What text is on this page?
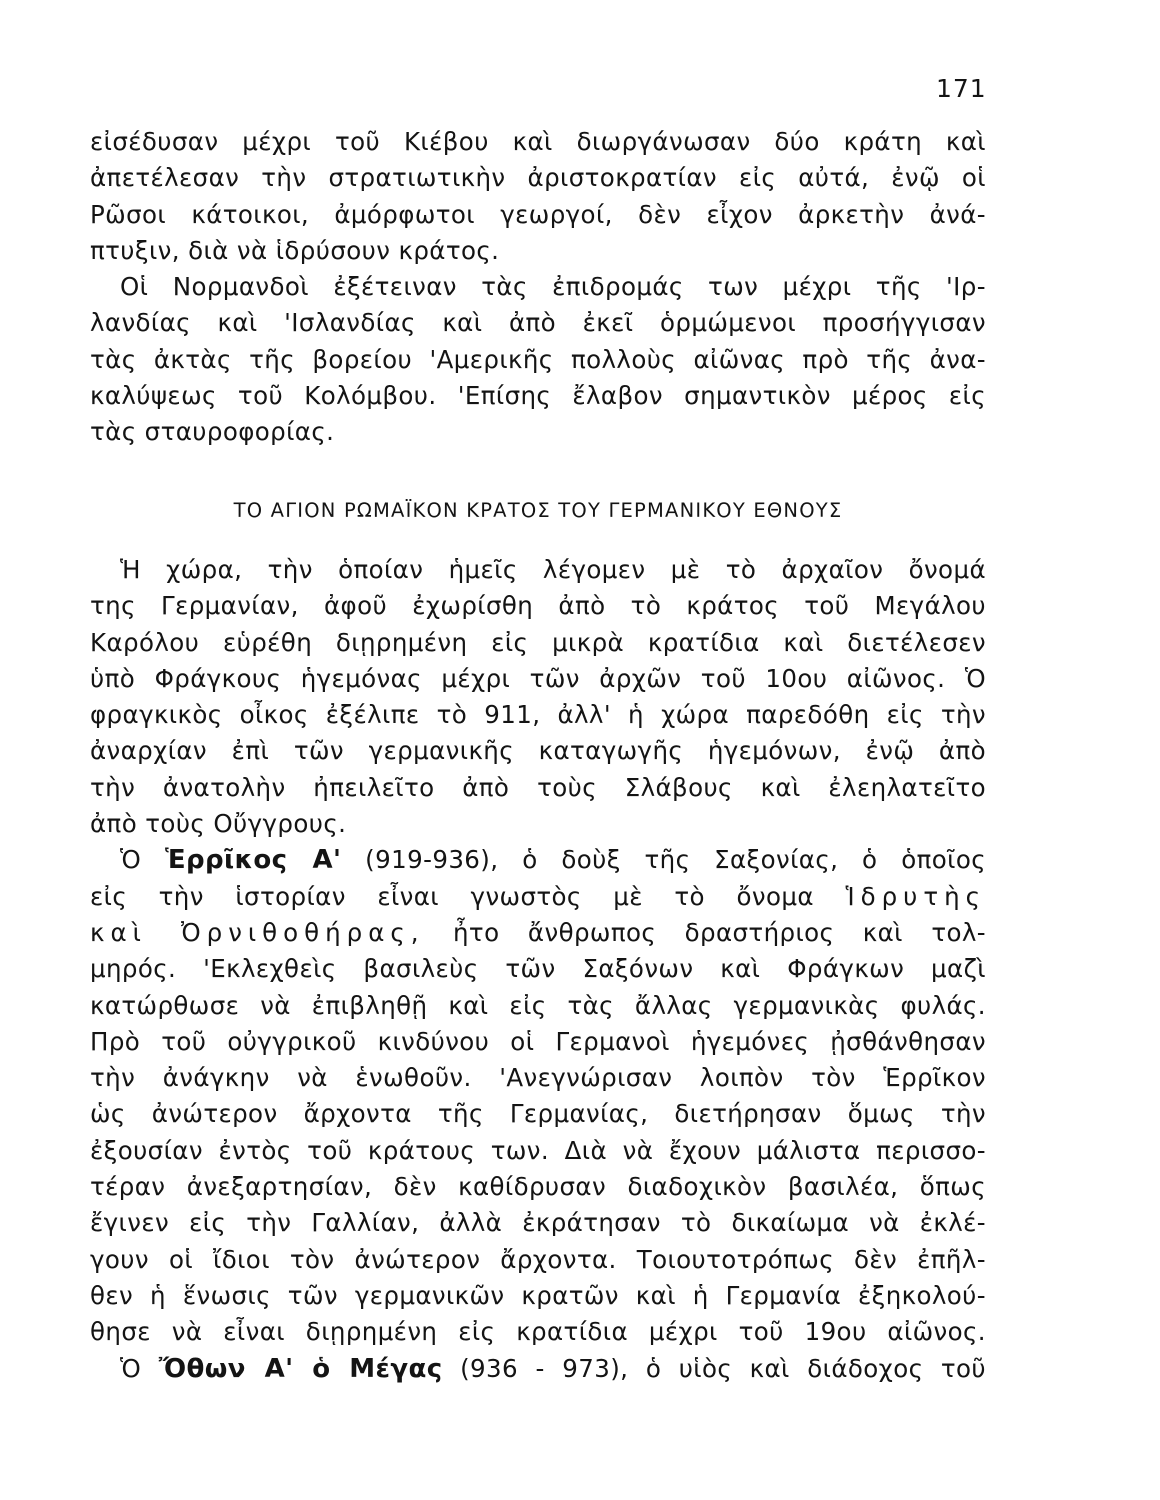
171
εἰσέδυσαν μέχρι τοῦ Κιέβου καὶ διωργάνωσαν δύο κράτη καὶ
ἀπετέλεσαν τὴν στρατιωτικὴν ἀριστοκρατίαν εἰς αὐτά, ἐνῷ οἱ
Ρῶσοι κάτοικοι, ἀμόρφωτοι γεωργοί, δὲν εἶχον ἀρκετὴν ἀνά-
πτυξιν, διὰ νὰ ἱδρύσουν κράτος.
Οἱ Νορμανδοὶ ἐξέτειναν τὰς ἐπιδρομάς των μέχρι τῆς 'Ιρ-
λανδίας καὶ 'Ισλανδίας καὶ ἀπὸ ἐκεῖ ὁρμώμενοι προσήγγισαν
τὰς ἀκτὰς τῆς βορείου 'Αμερικῆς πολλοὺς αἰῶνας πρὸ τῆς ἀνα-
καλύψεως τοῦ Κολόμβου. 'Επίσης ἔλαβον σημαντικὸν μέρος εἰς
τὰς σταυροφορίας.
ΤΟ ΑΓΙΟΝ ΡΩΜΑΪΚΟΝ ΚΡΑΤΟΣ ΤΟΥ ΓΕΡΜΑΝΙΚΟΥ ΕΘΝΟΥΣ
Ἡ χώρα, τὴν ὁποίαν ἡμεῖς λέγομεν μὲ τὸ ἀρχαῖον ὄνομά
της Γερμανίαν, ἀφοῦ ἐχωρίσθη ἀπὸ τὸ κράτος τοῦ Μεγάλου
Καρόλου εὑρέθη διῃρημένη εἰς μικρὰ κρατίδια καὶ διετέλεσεν
ὑπὸ Φράγκους ἡγεμόνας μέχρι τῶν ἀρχῶν τοῦ 10ου αἰῶνος. Ὁ
φραγκικὸς οἶκος ἐξέλιπε τὸ 911, ἀλλ' ἡ χώρα παρεδόθη εἰς τὴν
ἀναρχίαν ἐπὶ τῶν γερμανικῆς καταγωγῆς ἡγεμόνων, ἐνῷ ἀπὸ
τὴν ἀνατολὴν ἠπειλεῖτο ἀπὸ τοὺς Σλάβους καὶ ἐλεηλατεῖτο
ἀπὸ τοὺς Οὔγγρους.
Ὁ Ἑρρῖκος Α' (919-936), ὁ δοὺξ τῆς Σαξονίας, ὁ ὁποῖος
εἰς τὴν ἱστορίαν εἶναι γνωστὸς μὲ τὸ ὄνομα Ἱδρυτὴς
καὶ Ὀρνιθοθήρας, ἦτο ἄνθρωπος δραστήριος καὶ τολ-
μηρός. 'Εκλεχθεὶς βασιλεὺς τῶν Σαξόνων καὶ Φράγκων μαζὶ
κατώρθωσε νὰ ἐπιβληθῇ καὶ εἰς τὰς ἄλλας γερμανικὰς φυλάς.
Πρὸ τοῦ οὐγγρικοῦ κινδύνου οἱ Γερμανοὶ ἡγεμόνες ᾐσθάνθησαν
τὴν ἀνάγκην νὰ ἑνωθοῦν. 'Ανεγνώρισαν λοιπὸν τὸν Ἑρρῖκον
ὡς ἀνώτερον ἄρχοντα τῆς Γερμανίας, διετήρησαν ὅμως τὴν
ἐξουσίαν ἐντὸς τοῦ κράτους των. Διὰ νὰ ἔχουν μάλιστα περισσο-
τέραν ἀνεξαρτησίαν, δὲν καθίδρυσαν διαδοχικὸν βασιλέα, ὅπως
ἔγινεν εἰς τὴν Γαλλίαν, ἀλλὰ ἐκράτησαν τὸ δικαίωμα νὰ ἐκλέ-
γουν οἱ ἴδιοι τὸν ἀνώτερον ἄρχοντα. Τοιουτοτρόπως δὲν ἐπῆλ-
θεν ἡ ἕνωσις τῶν γερμανικῶν κρατῶν καὶ ἡ Γερμανία ἐξηκολού-
θησε νὰ εἶναι διῃρημένη εἰς κρατίδια μέχρι τοῦ 19ου αἰῶνος.
Ὁ Ὄθων Α' ὁ Μέγας (936 - 973), ὁ υἱὸς καὶ διάδοχος τοῦ
